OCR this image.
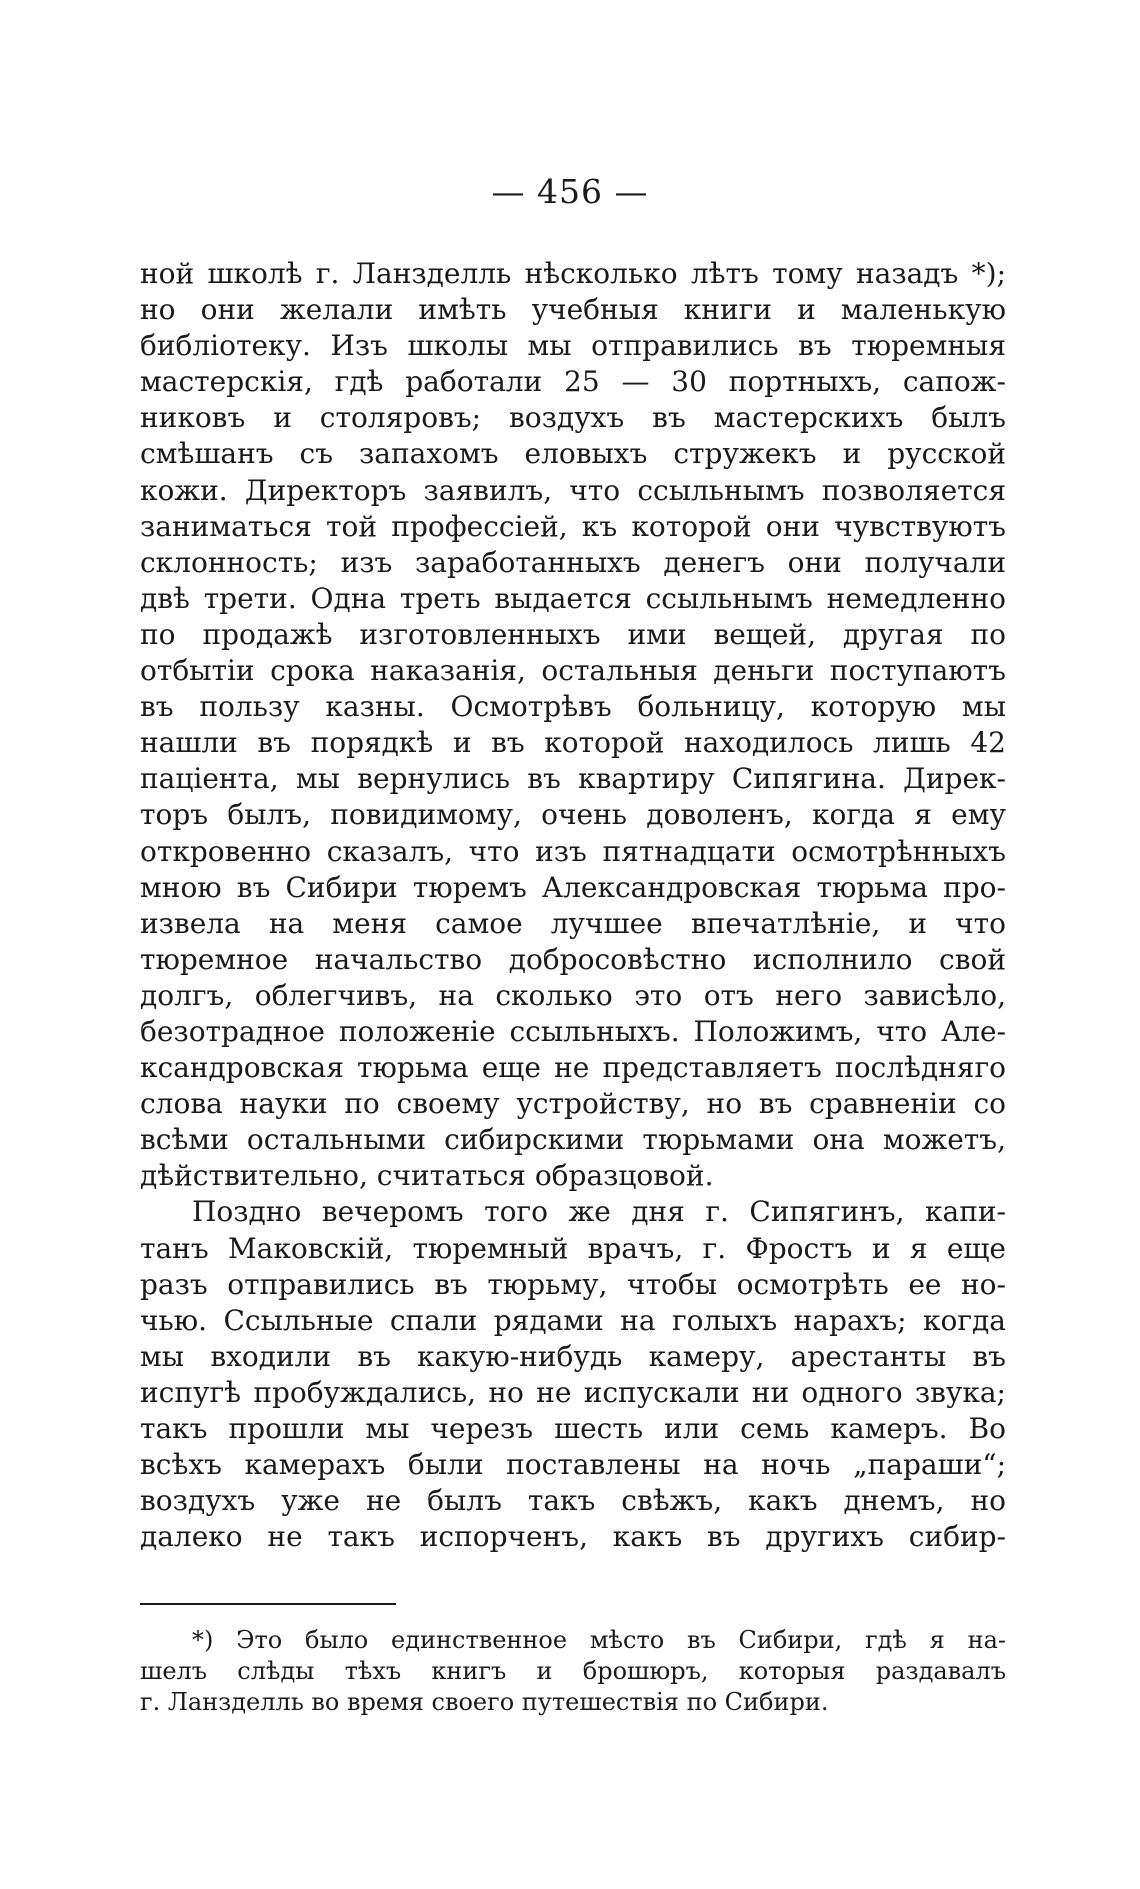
— 456 —
ной школѣ г. Ланзделль нѣсколько лѣтъ тому назадъ *);
но они желали имѣть учебныя книги и маленькую
библіотеку. Изъ школы мы отправились въ тюремныя
мастерскія, гдѣ работали 25 — 30 портныхъ, сапож-
никовъ и столяровъ; воздухъ въ мастерскихъ былъ
смѣшанъ съ запахомъ еловыхъ стружекъ и русской
кожи. Директоръ заявилъ, что ссыльнымъ позволяется
заниматься той профессіей, къ которой они чувствуютъ
склонность; изъ заработанныхъ денегъ они получали
двѣ трети. Одна треть выдается ссыльнымъ немедленно
по продажѣ изготовленныхъ ими вещей, другая по
отбытіи срока наказанія, остальныя деньги поступаютъ
въ пользу казны. Осмотрѣвъ больницу, которую мы
нашли въ порядкѣ и въ которой находилось лишь 42
паціента, мы вернулись въ квартиру Сипягина. Дирек-
торъ былъ, повидимому, очень доволенъ, когда я ему
откровенно сказалъ, что изъ пятнадцати осмотрѣнныхъ
мною въ Сибири тюремъ Александровская тюрьма про-
извела на меня самое лучшее впечатлѣніе, и что
тюремное начальство добросовѣстно исполнило свой
долгъ, облегчивъ, на сколько это отъ него зависѣло,
безотрадное положеніе ссыльныхъ. Положимъ, что Але-
ксандровская тюрьма еще не представляетъ послѣдняго
слова науки по своему устройству, но въ сравненіи со
всѣми остальными сибирскими тюрьмами она можетъ,
дѣйствительно, считаться образцовой.
Поздно вечеромъ того же дня г. Сипягинъ, капи-
танъ Маковскій, тюремный врачъ, г. Фростъ и я еще
разъ отправились въ тюрьму, чтобы осмотрѣть ее но-
чью. Ссыльные спали рядами на голыхъ нарахъ; когда
мы входили въ какую-нибудь камеру, арестанты въ
испугѣ пробуждались, но не испускали ни одного звука;
такъ прошли мы черезъ шесть или семь камеръ. Во
всѣхъ камерахъ были поставлены на ночь „параши“;
воздухъ уже не былъ такъ свѣжъ, какъ днемъ, но
далеко не такъ испорченъ, какъ въ другихъ сибир-
*) Это было единственное мѣсто въ Сибири, гдѣ я на-
шелъ слѣды тѣхъ книгъ и брошюръ, которыя раздавалъ
г. Ланзделль во время своего путешествія по Сибири.
